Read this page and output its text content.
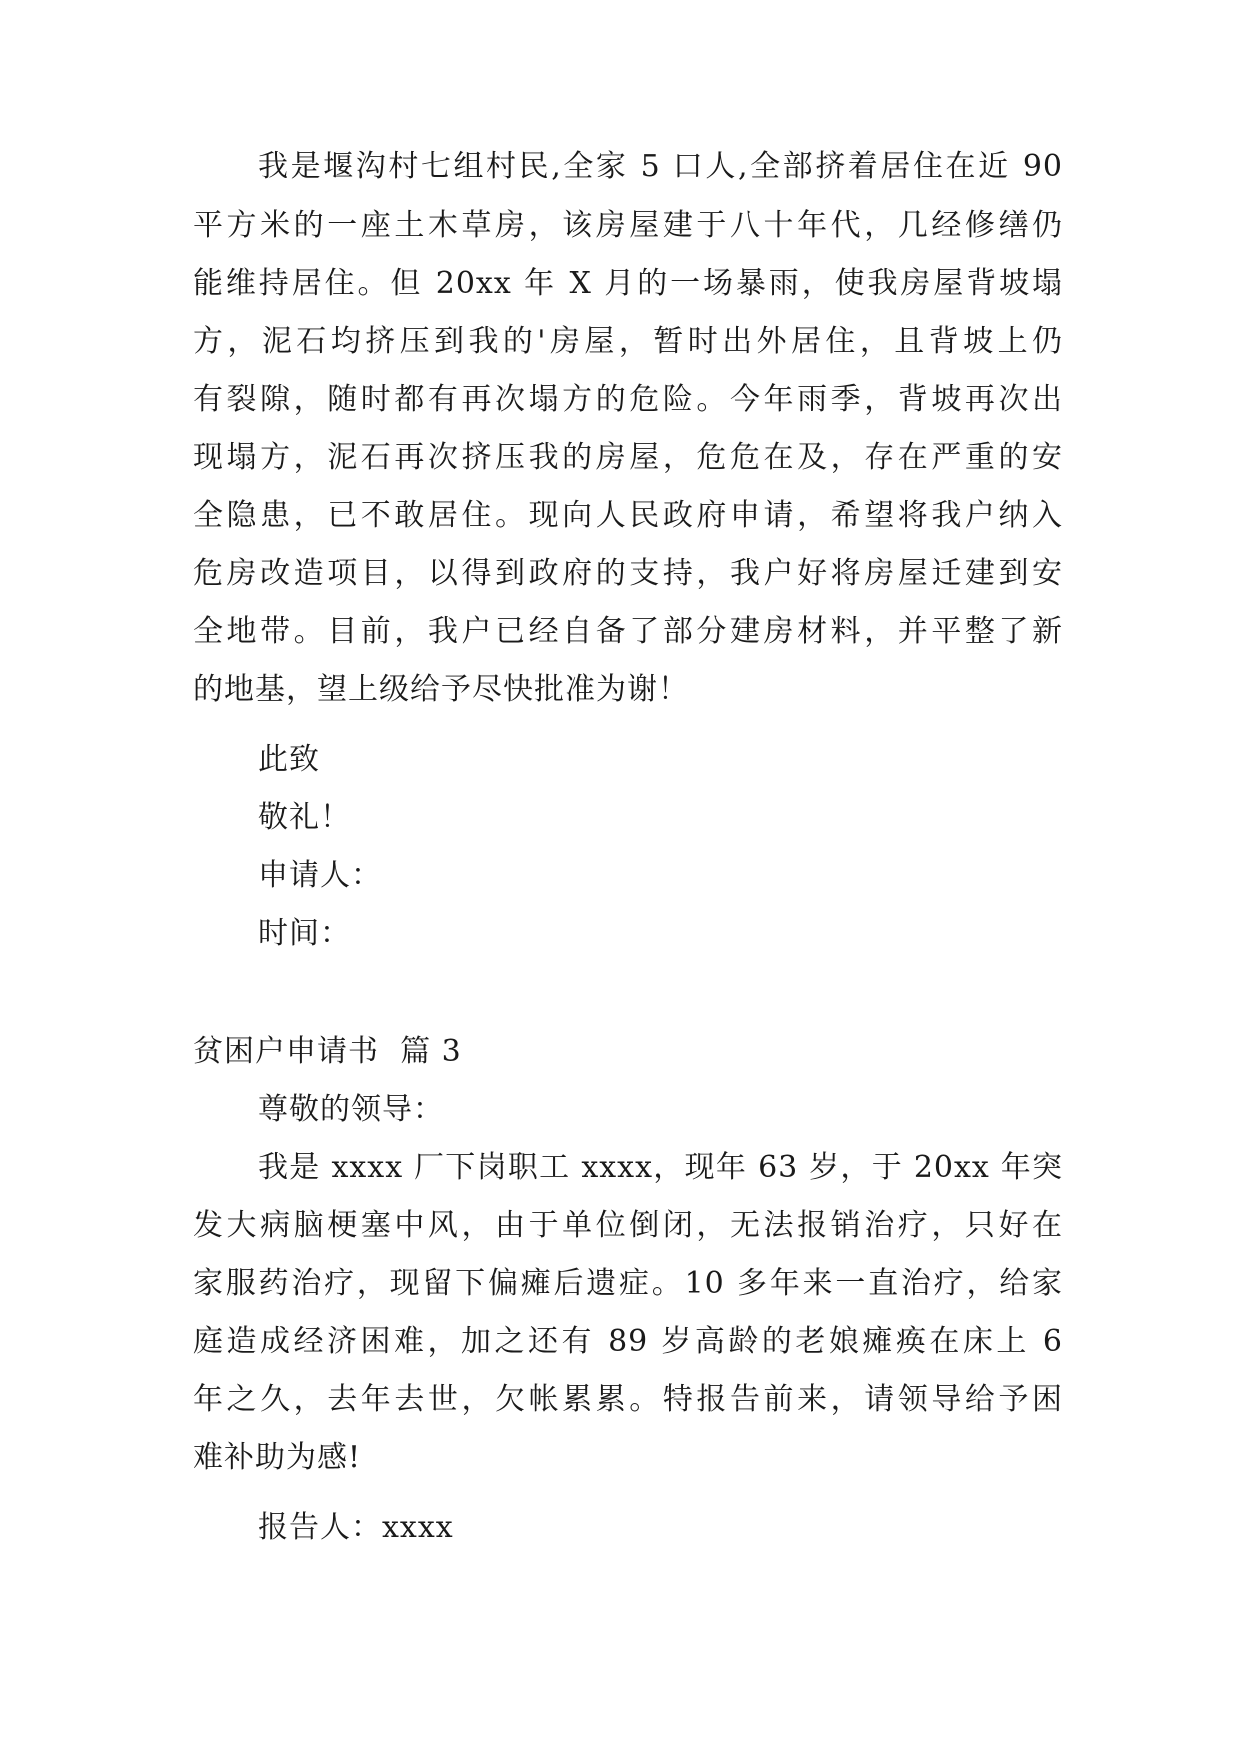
我是堰沟村七组村民,全家 5 口人,全部挤着居住在近 90
平方米的一座土木草房，该房屋建于八十年代，几经修缮仍
能维持居住。但 20xx 年 X 月的一场暴雨，使我房屋背坡塌
方，泥石均挤压到我的'房屋，暂时出外居住，且背坡上仍
有裂隙，随时都有再次塌方的危险。今年雨季，背坡再次出
现塌方，泥石再次挤压我的房屋，危危在及，存在严重的安
全隐患，已不敢居住。现向人民政府申请，希望将我户纳入
危房改造项目，以得到政府的支持，我户好将房屋迁建到安
全地带。目前，我户已经自备了部分建房材料，并平整了新
的地基，望上级给予尽快批准为谢！
此致
敬礼！
申请人：
时间：
贫困户申请书  篇 3
尊敬的领导：
我是 xxxx 厂下岗职工 xxxx，现年 63 岁，于 20xx 年突
发大病脑梗塞中风，由于单位倒闭，无法报销治疗，只好在
家服药治疗，现留下偏瘫后遗症。10 多年来一直治疗，给家
庭造成经济困难，加之还有 89 岁高龄的老娘瘫痪在床上 6
年之久，去年去世，欠帐累累。特报告前来，请领导给予困
难补助为感!
报告人：xxxx
